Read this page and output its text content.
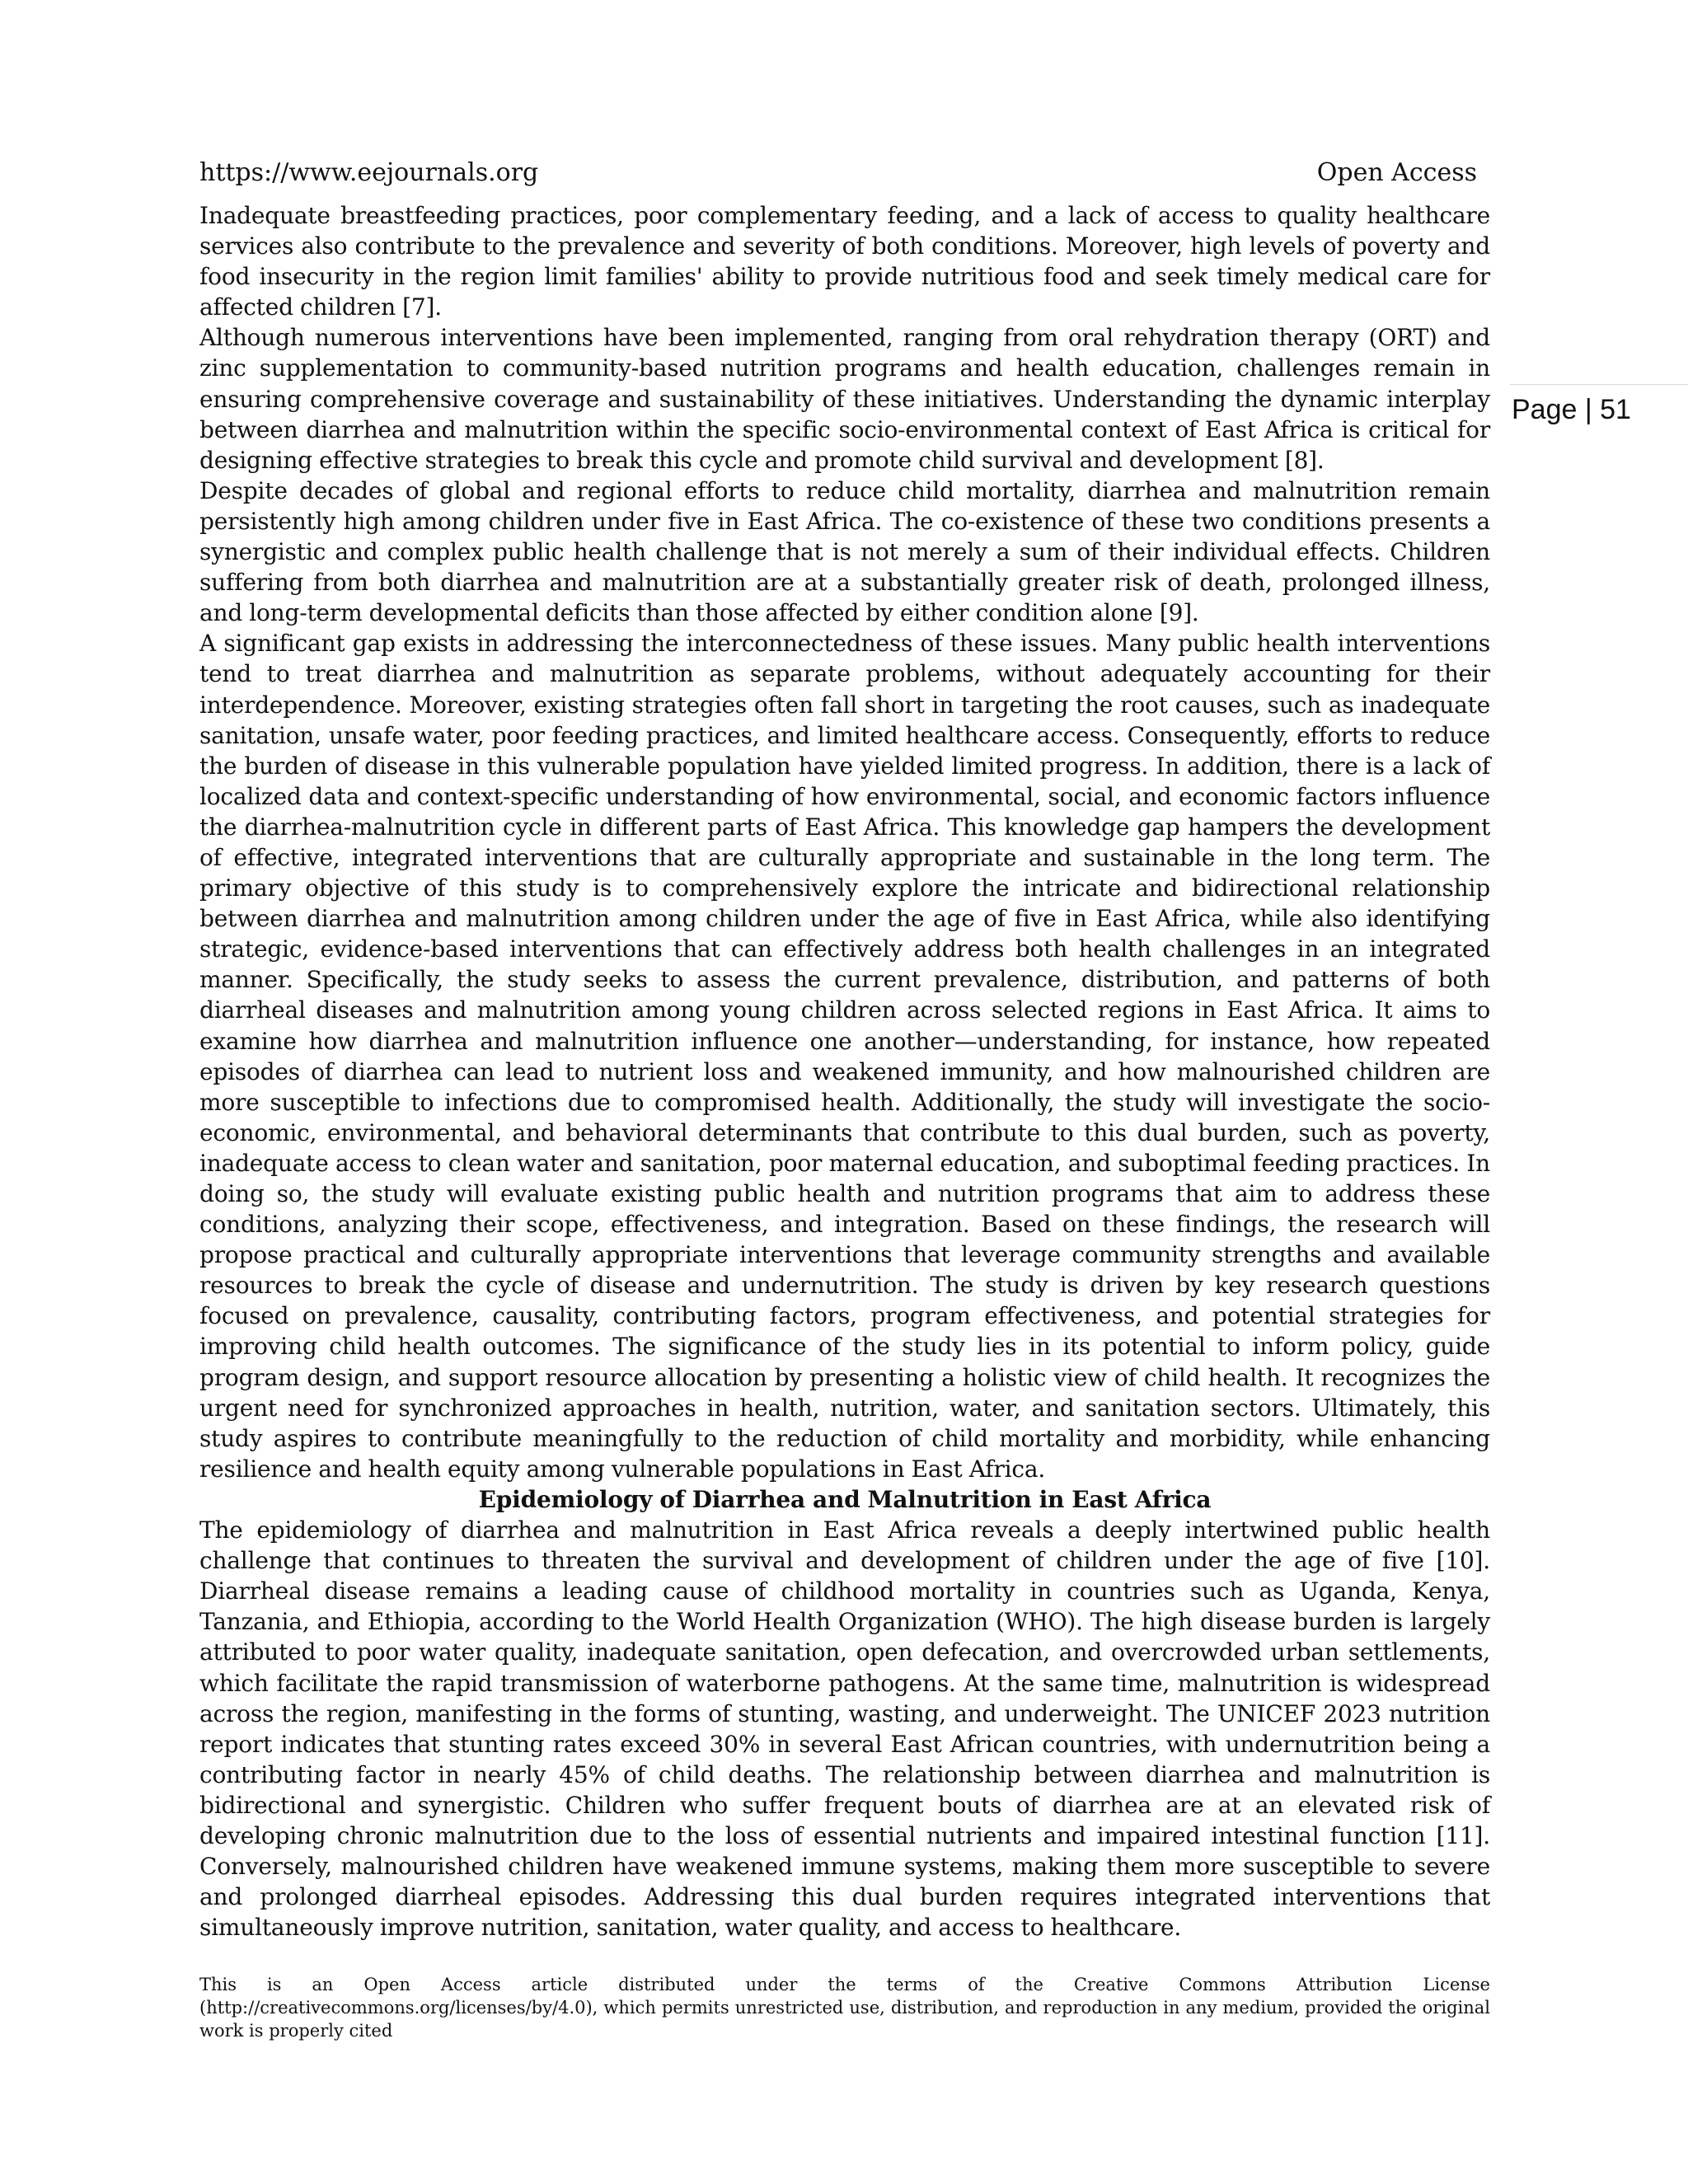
https://www.eejournals.org	Open Access
Page | 51

Inadequate breastfeeding practices, poor complementary feeding, and a lack of access to quality healthcare services also contribute to the prevalence and severity of both conditions. Moreover, high levels of poverty and food insecurity in the region limit families' ability to provide nutritious food and seek timely medical care for affected children [7].

Although numerous interventions have been implemented, ranging from oral rehydration therapy (ORT) and zinc supplementation to community-based nutrition programs and health education, challenges remain in ensuring comprehensive coverage and sustainability of these initiatives. Understanding the dynamic interplay between diarrhea and malnutrition within the specific socio-environmental context of East Africa is critical for designing effective strategies to break this cycle and promote child survival and development [8].

Despite decades of global and regional efforts to reduce child mortality, diarrhea and malnutrition remain persistently high among children under five in East Africa. The co-existence of these two conditions presents a synergistic and complex public health challenge that is not merely a sum of their individual effects. Children suffering from both diarrhea and malnutrition are at a substantially greater risk of death, prolonged illness, and long-term developmental deficits than those affected by either condition alone [9].

A significant gap exists in addressing the interconnectedness of these issues. Many public health interventions tend to treat diarrhea and malnutrition as separate problems, without adequately accounting for their interdependence. Moreover, existing strategies often fall short in targeting the root causes, such as inadequate sanitation, unsafe water, poor feeding practices, and limited healthcare access. Consequently, efforts to reduce the burden of disease in this vulnerable population have yielded limited progress. In addition, there is a lack of localized data and context-specific understanding of how environmental, social, and economic factors influence the diarrhea-malnutrition cycle in different parts of East Africa. This knowledge gap hampers the development of effective, integrated interventions that are culturally appropriate and sustainable in the long term. The primary objective of this study is to comprehensively explore the intricate and bidirectional relationship between diarrhea and malnutrition among children under the age of five in East Africa, while also identifying strategic, evidence-based interventions that can effectively address both health challenges in an integrated manner. Specifically, the study seeks to assess the current prevalence, distribution, and patterns of both diarrheal diseases and malnutrition among young children across selected regions in East Africa. It aims to examine how diarrhea and malnutrition influence one another—understanding, for instance, how repeated episodes of diarrhea can lead to nutrient loss and weakened immunity, and how malnourished children are more susceptible to infections due to compromised health. Additionally, the study will investigate the socio-economic, environmental, and behavioral determinants that contribute to this dual burden, such as poverty, inadequate access to clean water and sanitation, poor maternal education, and suboptimal feeding practices. In doing so, the study will evaluate existing public health and nutrition programs that aim to address these conditions, analyzing their scope, effectiveness, and integration. Based on these findings, the research will propose practical and culturally appropriate interventions that leverage community strengths and available resources to break the cycle of disease and undernutrition. The study is driven by key research questions focused on prevalence, causality, contributing factors, program effectiveness, and potential strategies for improving child health outcomes. The significance of the study lies in its potential to inform policy, guide program design, and support resource allocation by presenting a holistic view of child health. It recognizes the urgent need for synchronized approaches in health, nutrition, water, and sanitation sectors. Ultimately, this study aspires to contribute meaningfully to the reduction of child mortality and morbidity, while enhancing resilience and health equity among vulnerable populations in East Africa.

Epidemiology of Diarrhea and Malnutrition in East Africa

The epidemiology of diarrhea and malnutrition in East Africa reveals a deeply intertwined public health challenge that continues to threaten the survival and development of children under the age of five [10]. Diarrheal disease remains a leading cause of childhood mortality in countries such as Uganda, Kenya, Tanzania, and Ethiopia, according to the World Health Organization (WHO). The high disease burden is largely attributed to poor water quality, inadequate sanitation, open defecation, and overcrowded urban settlements, which facilitate the rapid transmission of waterborne pathogens. At the same time, malnutrition is widespread across the region, manifesting in the forms of stunting, wasting, and underweight. The UNICEF 2023 nutrition report indicates that stunting rates exceed 30% in several East African countries, with undernutrition being a contributing factor in nearly 45% of child deaths. The relationship between diarrhea and malnutrition is bidirectional and synergistic. Children who suffer frequent bouts of diarrhea are at an elevated risk of developing chronic malnutrition due to the loss of essential nutrients and impaired intestinal function [11]. Conversely, malnourished children have weakened immune systems, making them more susceptible to severe and prolonged diarrheal episodes. Addressing this dual burden requires integrated interventions that simultaneously improve nutrition, sanitation, water quality, and access to healthcare.

This is an Open Access article distributed under the terms of the Creative Commons Attribution License (http://creativecommons.org/licenses/by/4.0), which permits unrestricted use, distribution, and reproduction in any medium, provided the original work is properly cited
